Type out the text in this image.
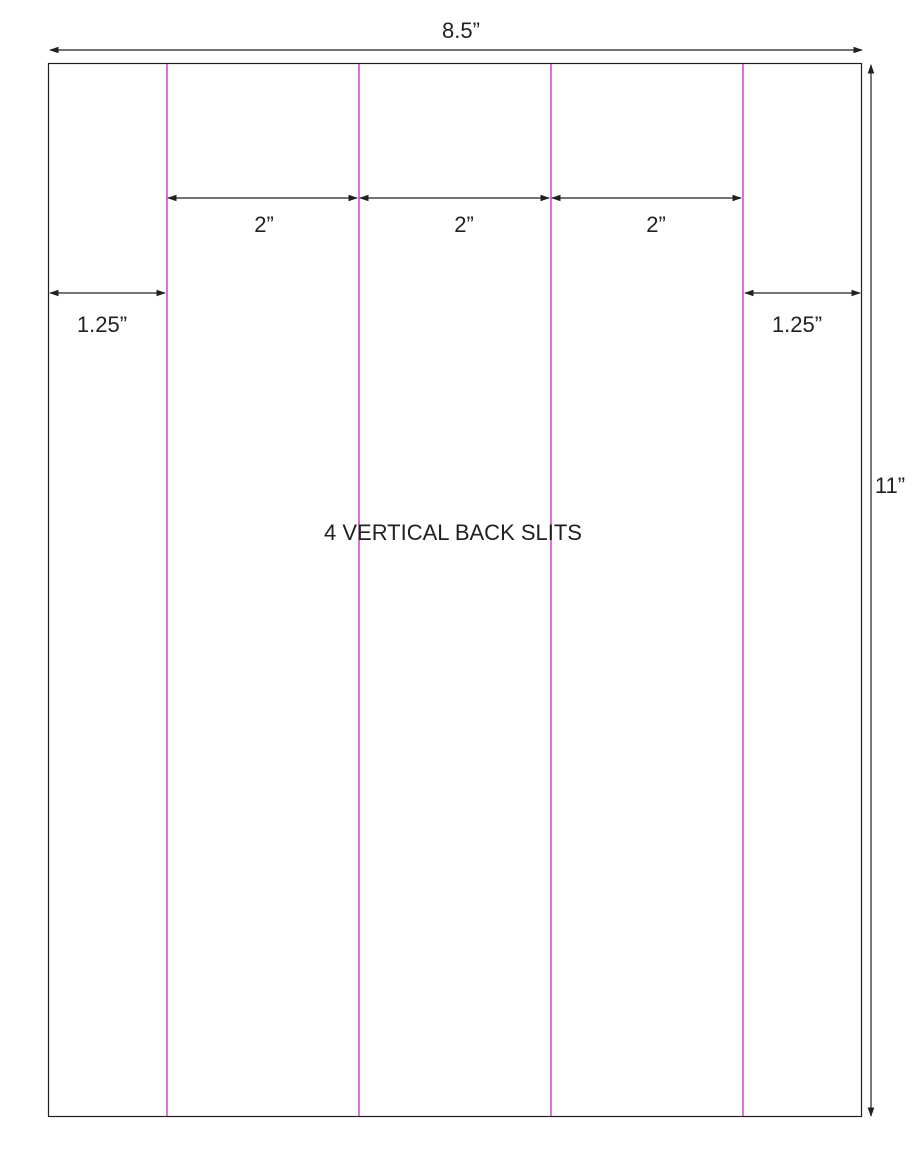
8.5”
11”
2”	2”	2”
1.25”	1.25”
4 VERTICAL BACK SLITS
